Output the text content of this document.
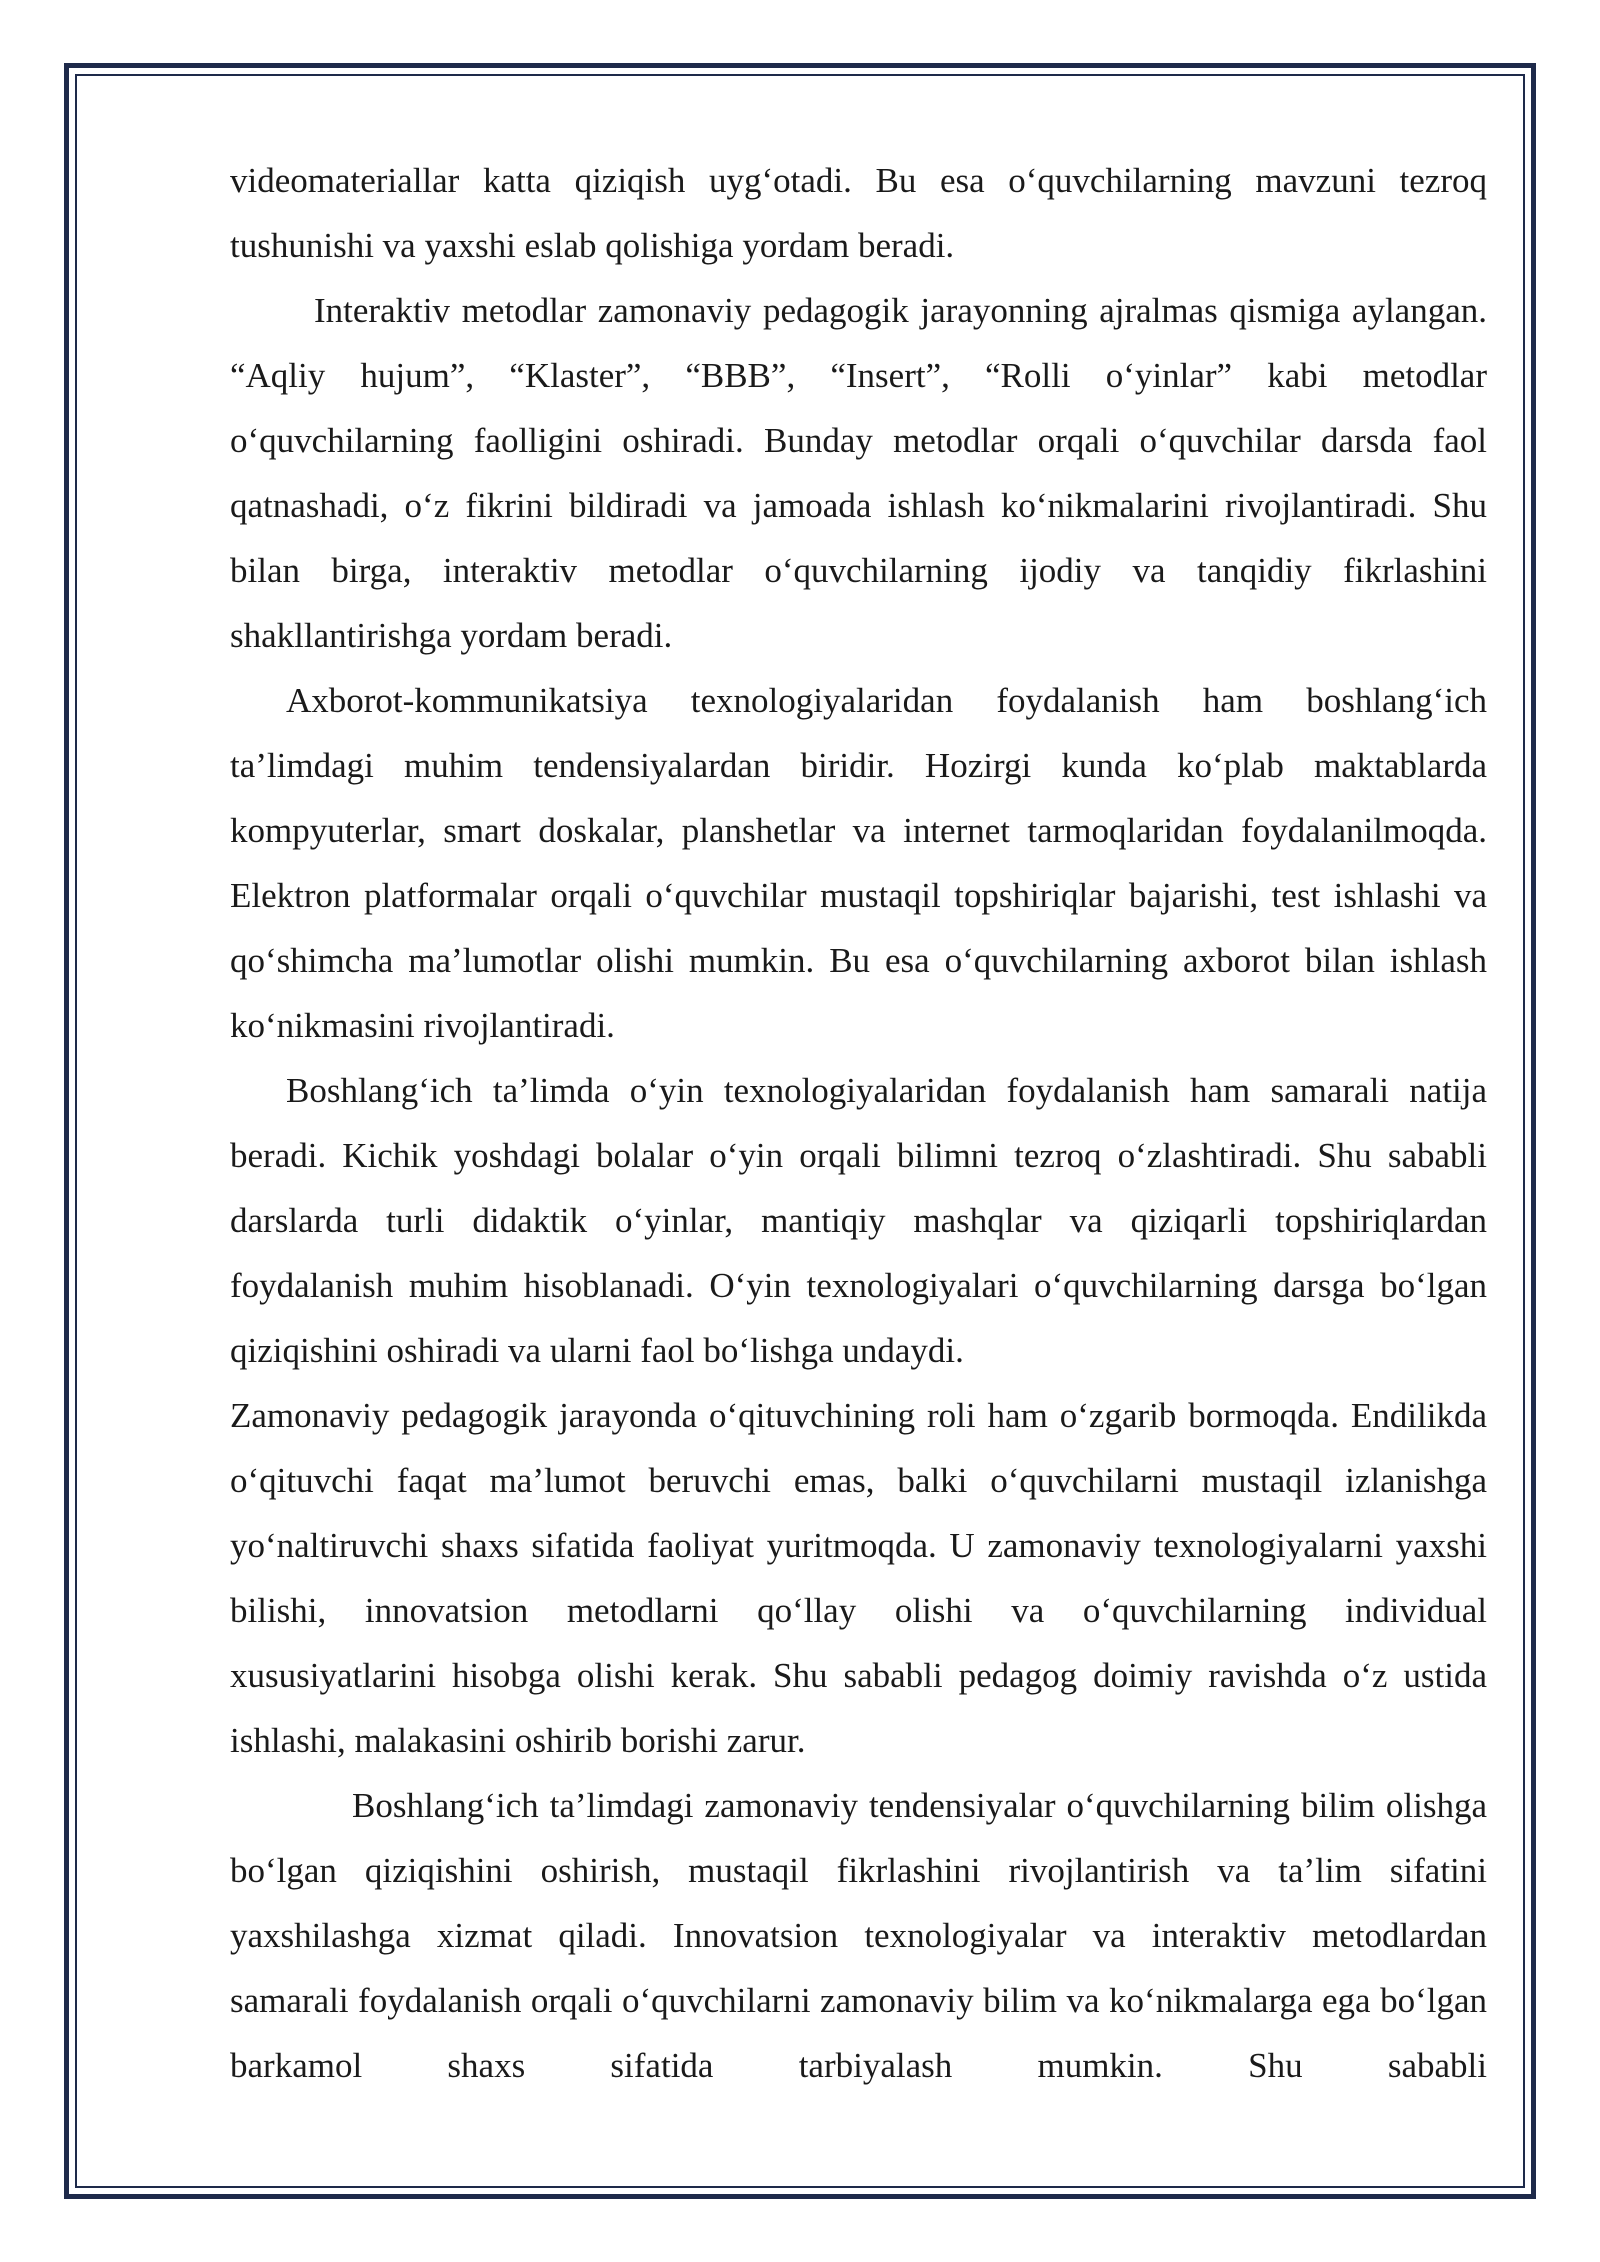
videomateriallar katta qiziqish uyg‘otadi. Bu esa o‘quvchilarning mavzuni tezroq tushunishi va yaxshi eslab qolishiga yordam beradi.

Interaktiv metodlar zamonaviy pedagogik jarayonning ajralmas qismiga aylangan. “Aqliy hujum”, “Klaster”, “BBB”, “Insert”, “Rolli o‘yinlar” kabi metodlar o‘quvchilarning faolligini oshiradi. Bunday metodlar orqali o‘quvchilar darsda faol qatnashadi, o‘z fikrini bildiradi va jamoada ishlash ko‘nikmalarini rivojlantiradi. Shu bilan birga, interaktiv metodlar o‘quvchilarning ijodiy va tanqidiy fikrlashini shakllantirishga yordam beradi.

Axborot-kommunikatsiya texnologiyalaridan foydalanish ham boshlang‘ich ta’limdagi muhim tendensiyalardan biridir. Hozirgi kunda ko‘plab maktablarda kompyuterlar, smart doskalar, planshetlar va internet tarmoqlaridan foydalanilmoqda. Elektron platformalar orqali o‘quvchilar mustaqil topshiriqlar bajarishi, test ishlashi va qo‘shimcha ma’lumotlar olishi mumkin. Bu esa o‘quvchilarning axborot bilan ishlash ko‘nikmasini rivojlantiradi.

Boshlang‘ich ta’limda o‘yin texnologiyalaridan foydalanish ham samarali natija beradi. Kichik yoshdagi bolalar o‘yin orqali bilimni tezroq o‘zlashtiradi. Shu sababli darslarda turli didaktik o‘yinlar, mantiqiy mashqlar va qiziqarli topshiriqlardan foydalanish muhim hisoblanadi. O‘yin texnologiyalari o‘quvchilarning darsga bo‘lgan qiziqishini oshiradi va ularni faol bo‘lishga undaydi.

Zamonaviy pedagogik jarayonda o‘qituvchining roli ham o‘zgarib bormoqda. Endilikda o‘qituvchi faqat ma’lumot beruvchi emas, balki o‘quvchilarni mustaqil izlanishga yo‘naltiruvchi shaxs sifatida faoliyat yuritmoqda. U zamonaviy texnologiyalarni yaxshi bilishi, innovatsion metodlarni qo‘llay olishi va o‘quvchilarning individual xususiyatlarini hisobga olishi kerak. Shu sababli pedagog doimiy ravishda o‘z ustida ishlashi, malakasini oshirib borishi zarur.

Boshlang‘ich ta’limdagi zamonaviy tendensiyalar o‘quvchilarning bilim olishga bo‘lgan qiziqishini oshirish, mustaqil fikrlashini rivojlantirish va ta’lim sifatini yaxshilashga xizmat qiladi. Innovatsion texnologiyalar va interaktiv metodlardan samarali foydalanish orqali o‘quvchilarni zamonaviy bilim va ko‘nikmalarga ega bo‘lgan barkamol shaxs sifatida tarbiyalash mumkin. Shu sababli
